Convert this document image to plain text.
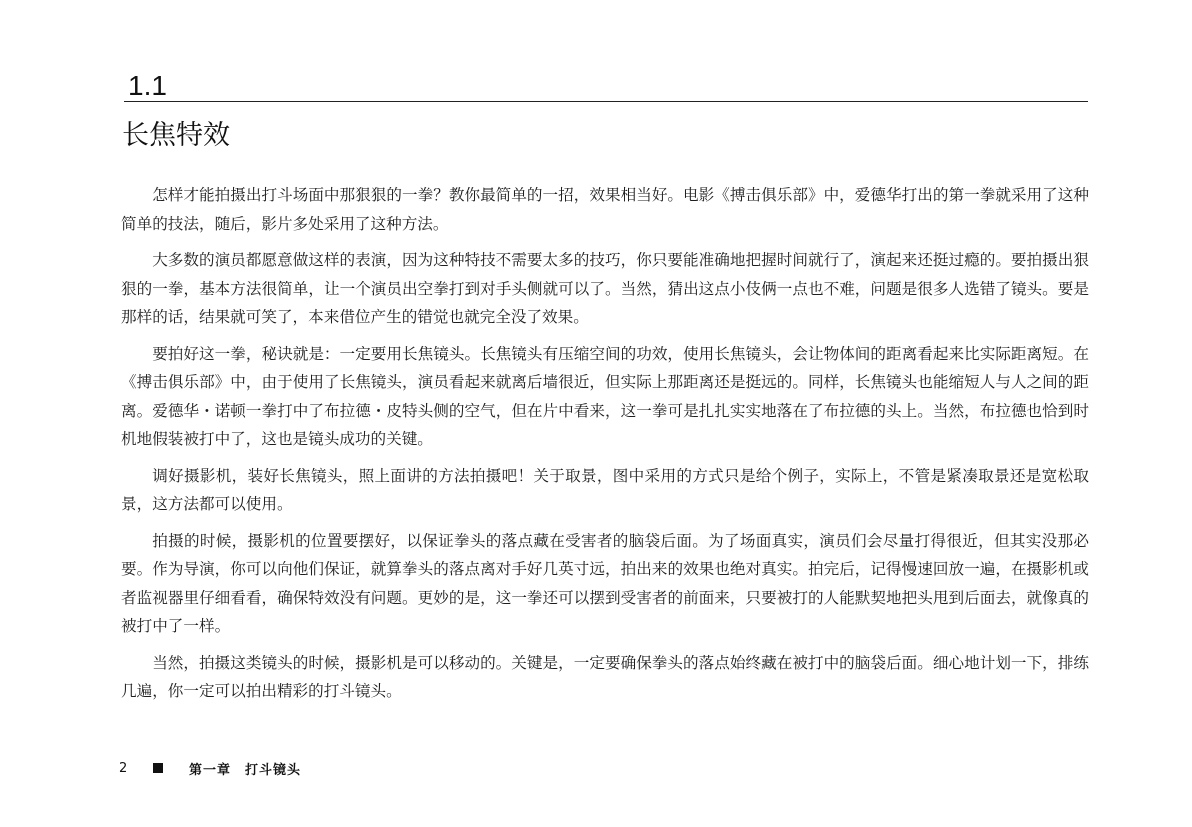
1.1
长焦特效

怎样才能拍摄出打斗场面中那狠狠的一拳？教你最简单的一招，效果相当好。电影《搏击俱乐部》中，爱德华打出的第一拳就采用了这种简单的技法，随后，影片多处采用了这种方法。

大多数的演员都愿意做这样的表演，因为这种特技不需要太多的技巧，你只要能准确地把握时间就行了，演起来还挺过瘾的。要拍摄出狠狠的一拳，基本方法很简单，让一个演员出空拳打到对手头侧就可以了。当然，猜出这点小伎俩一点也不难，问题是很多人选错了镜头。要是那样的话，结果就可笑了，本来借位产生的错觉也就完全没了效果。

要拍好这一拳，秘诀就是：一定要用长焦镜头。长焦镜头有压缩空间的功效，使用长焦镜头，会让物体间的距离看起来比实际距离短。在《搏击俱乐部》中，由于使用了长焦镜头，演员看起来就离后墙很近，但实际上那距离还是挺远的。同样，长焦镜头也能缩短人与人之间的距离。爱德华・诺顿一拳打中了布拉德・皮特头侧的空气，但在片中看来，这一拳可是扎扎实实地落在了布拉德的头上。当然，布拉德也恰到时机地假装被打中了，这也是镜头成功的关键。

调好摄影机，装好长焦镜头，照上面讲的方法拍摄吧！关于取景，图中采用的方式只是给个例子，实际上，不管是紧凑取景还是宽松取景，这方法都可以使用。

拍摄的时候，摄影机的位置要摆好，以保证拳头的落点藏在受害者的脑袋后面。为了场面真实，演员们会尽量打得很近，但其实没那必要。作为导演，你可以向他们保证，就算拳头的落点离对手好几英寸远，拍出来的效果也绝对真实。拍完后，记得慢速回放一遍，在摄影机或者监视器里仔细看看，确保特效没有问题。更妙的是，这一拳还可以摆到受害者的前面来，只要被打的人能默契地把头甩到后面去，就像真的被打中了一样。

当然，拍摄这类镜头的时候，摄影机是可以移动的。关键是，一定要确保拳头的落点始终藏在被打中的脑袋后面。细心地计划一下，排练几遍，你一定可以拍出精彩的打斗镜头。

2	第一章　打斗镜头
